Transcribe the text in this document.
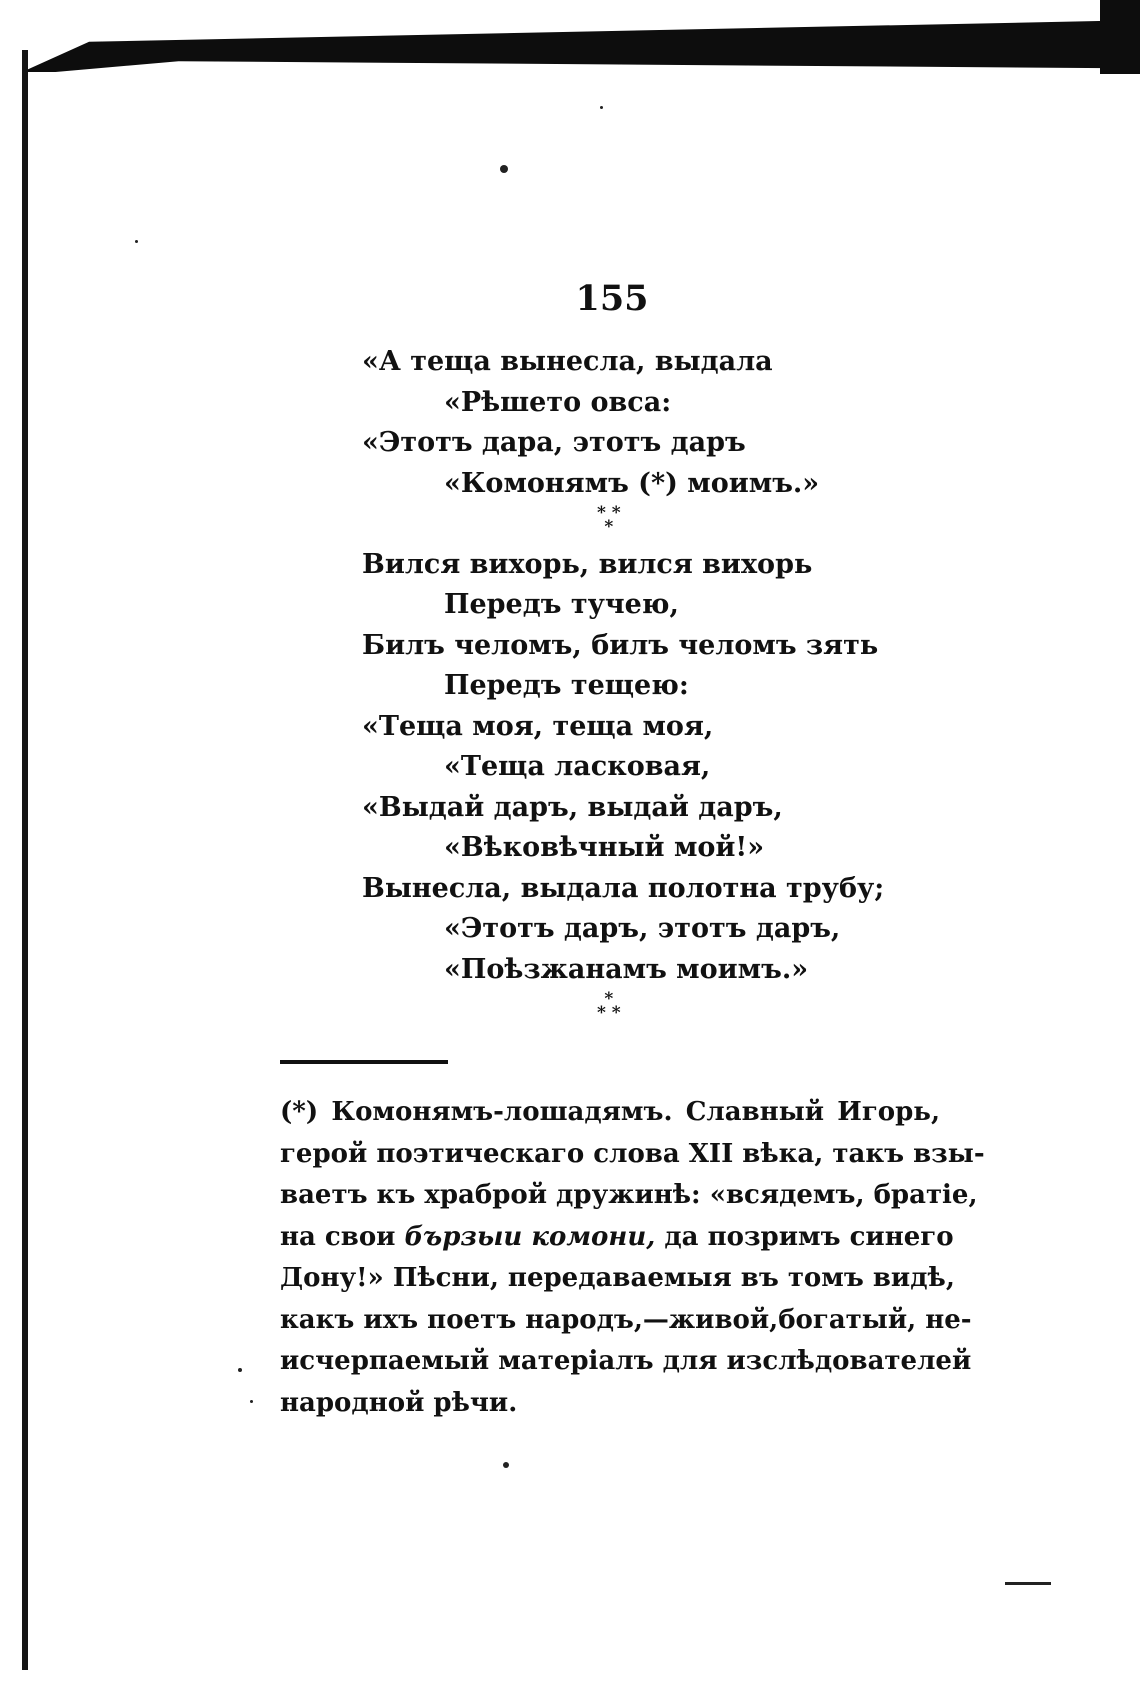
155
«А теща вынесла, выдала
«Рѣшето овса:
«Этотъ дара, этотъ даръ
«Комонямъ (*) моимъ.»
* *
*
Вился вихорь, вился вихорь
Передъ тучею,
Билъ челомъ, билъ челомъ зять
Передъ тещею:
«Теща моя, теща моя,
«Теща ласковая,
«Выдай даръ, выдай даръ,
«Вѣковѣчный мой!»
Вынесла, выдала полотна трубу;
«Этотъ даръ, этотъ даръ,
«Поѣзжанамъ моимъ.»
*
* *
(*) Комонямъ-лошадямъ. Славный Игорь,
герой поэтическаго слова XII вѣка, такъ взы-
ваетъ къ храброй дружинѣ: «всядемъ, братіе,
на свои бързыи комони, да позримъ синего
Дону!» Пѣсни, передаваемыя въ томъ видѣ,
какъ ихъ поетъ народъ,—живой,богатый, не-
исчерпаемый матеріалъ для изслѣдователей
народной рѣчи.
